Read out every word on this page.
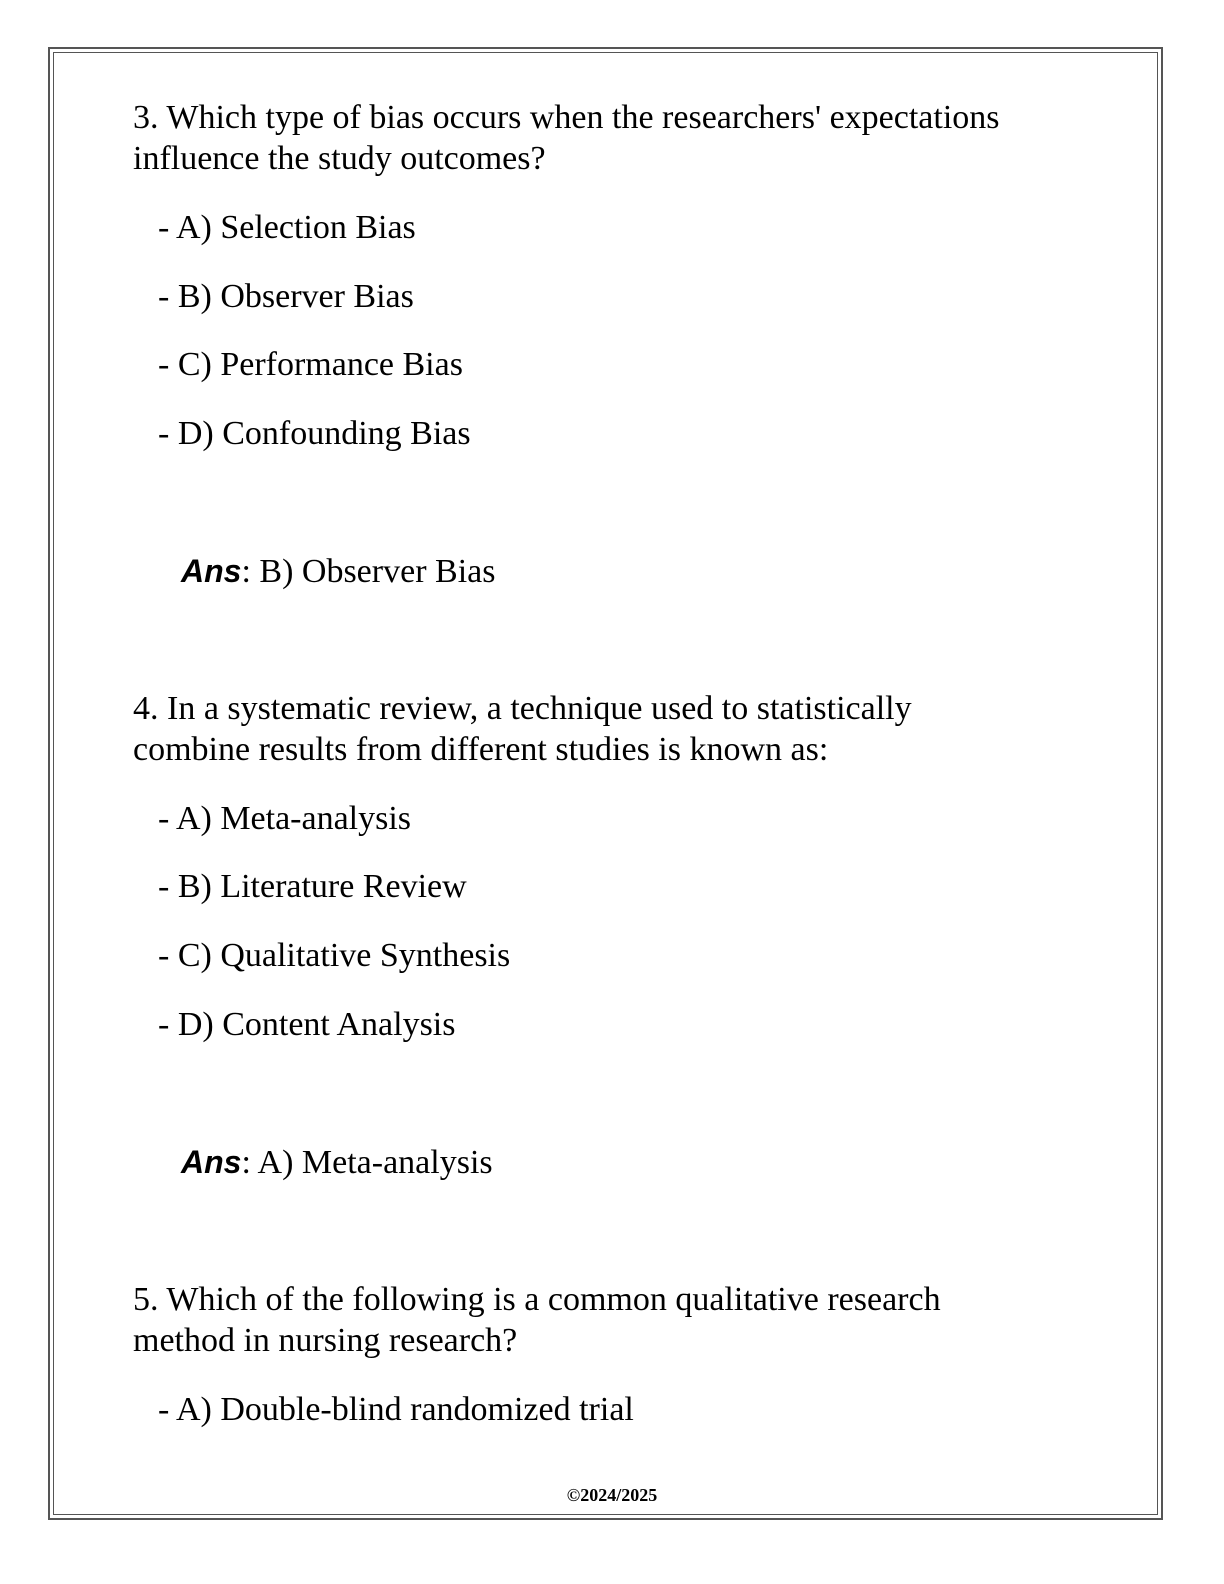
3. Which type of bias occurs when the researchers' expectations
influence the study outcomes?
- A) Selection Bias
- B) Observer Bias
- C) Performance Bias
- D) Confounding Bias
Ans: B) Observer Bias
4. In a systematic review, a technique used to statistically
combine results from different studies is known as:
- A) Meta-analysis
- B) Literature Review
- C) Qualitative Synthesis
- D) Content Analysis
Ans: A) Meta-analysis
5. Which of the following is a common qualitative research
method in nursing research?
- A) Double-blind randomized trial
©2024/2025
